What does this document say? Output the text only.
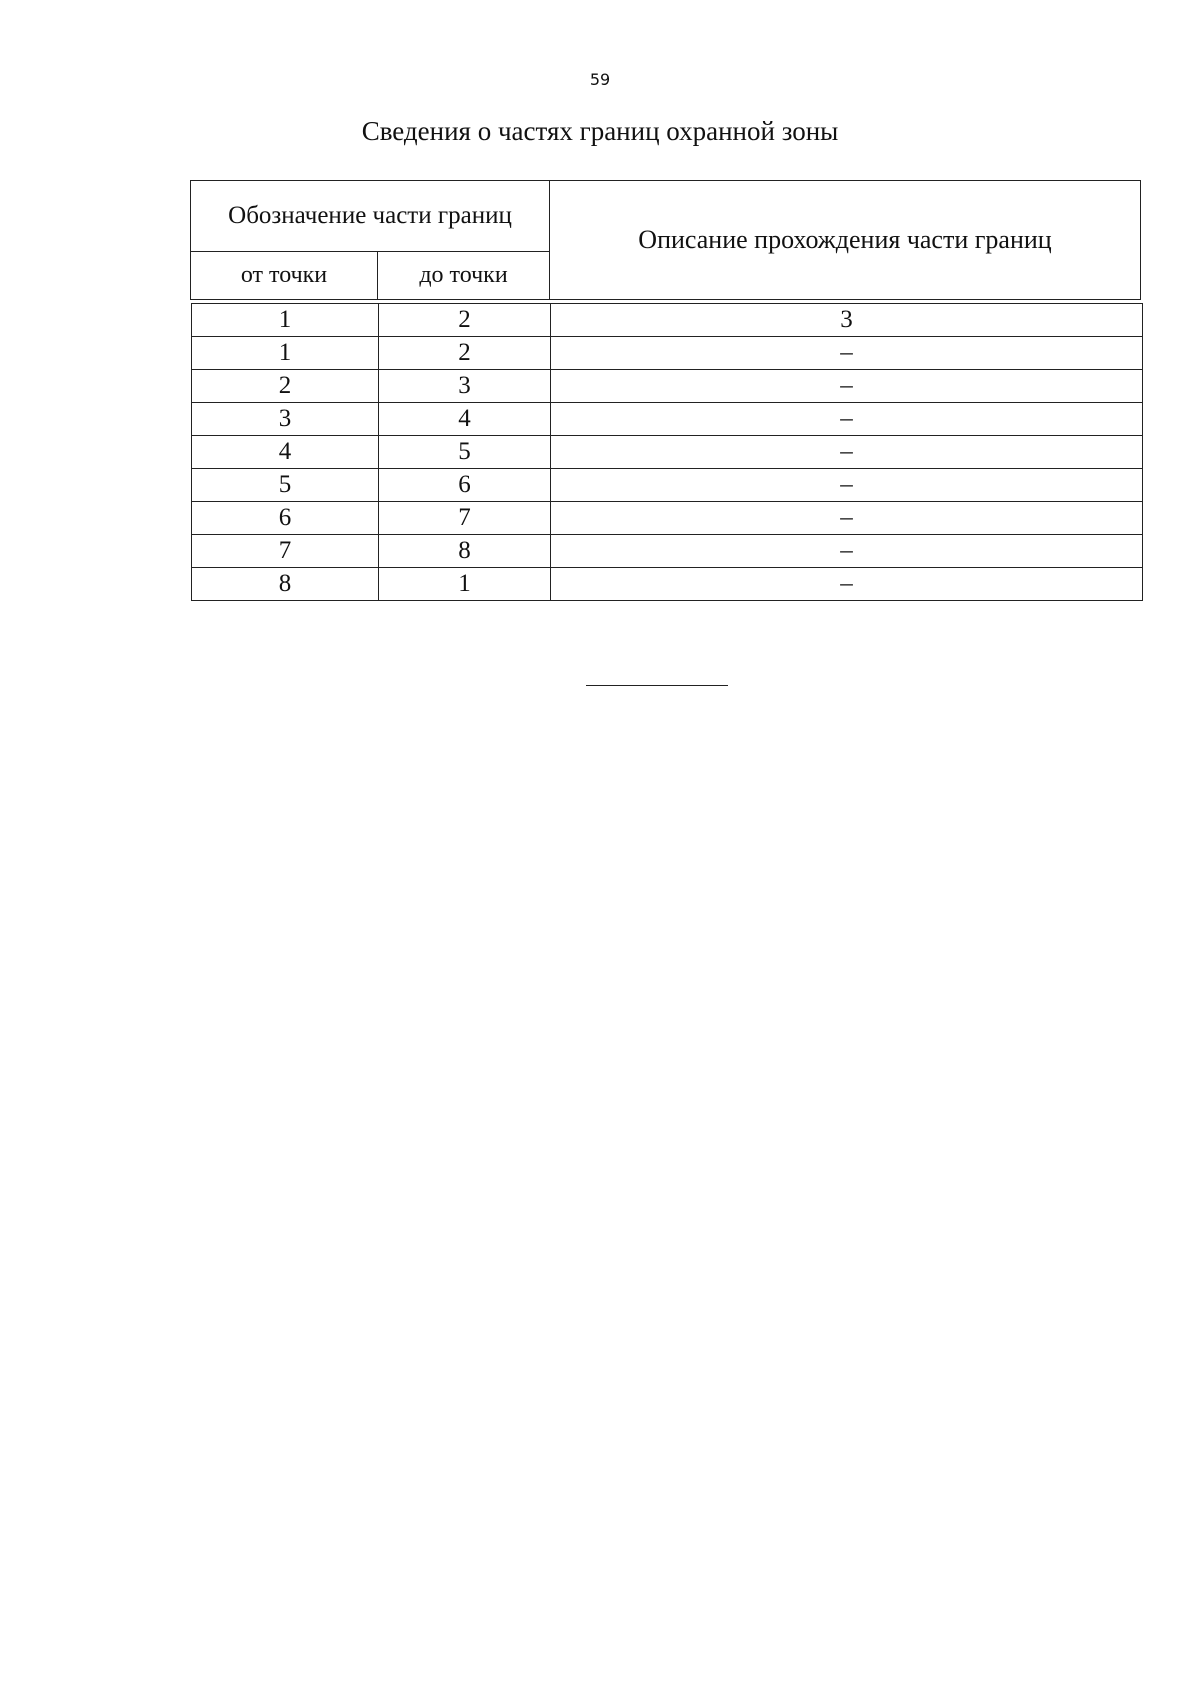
59
Сведения о частях границ охранной зоны
Обозначение части границ		Описание прохождения части границ
от точки	до точки	
1	2	3
1	2	–
2	3	–
3	4	–
4	5	–
5	6	–
6	7	–
7	8	–
8	1	–
